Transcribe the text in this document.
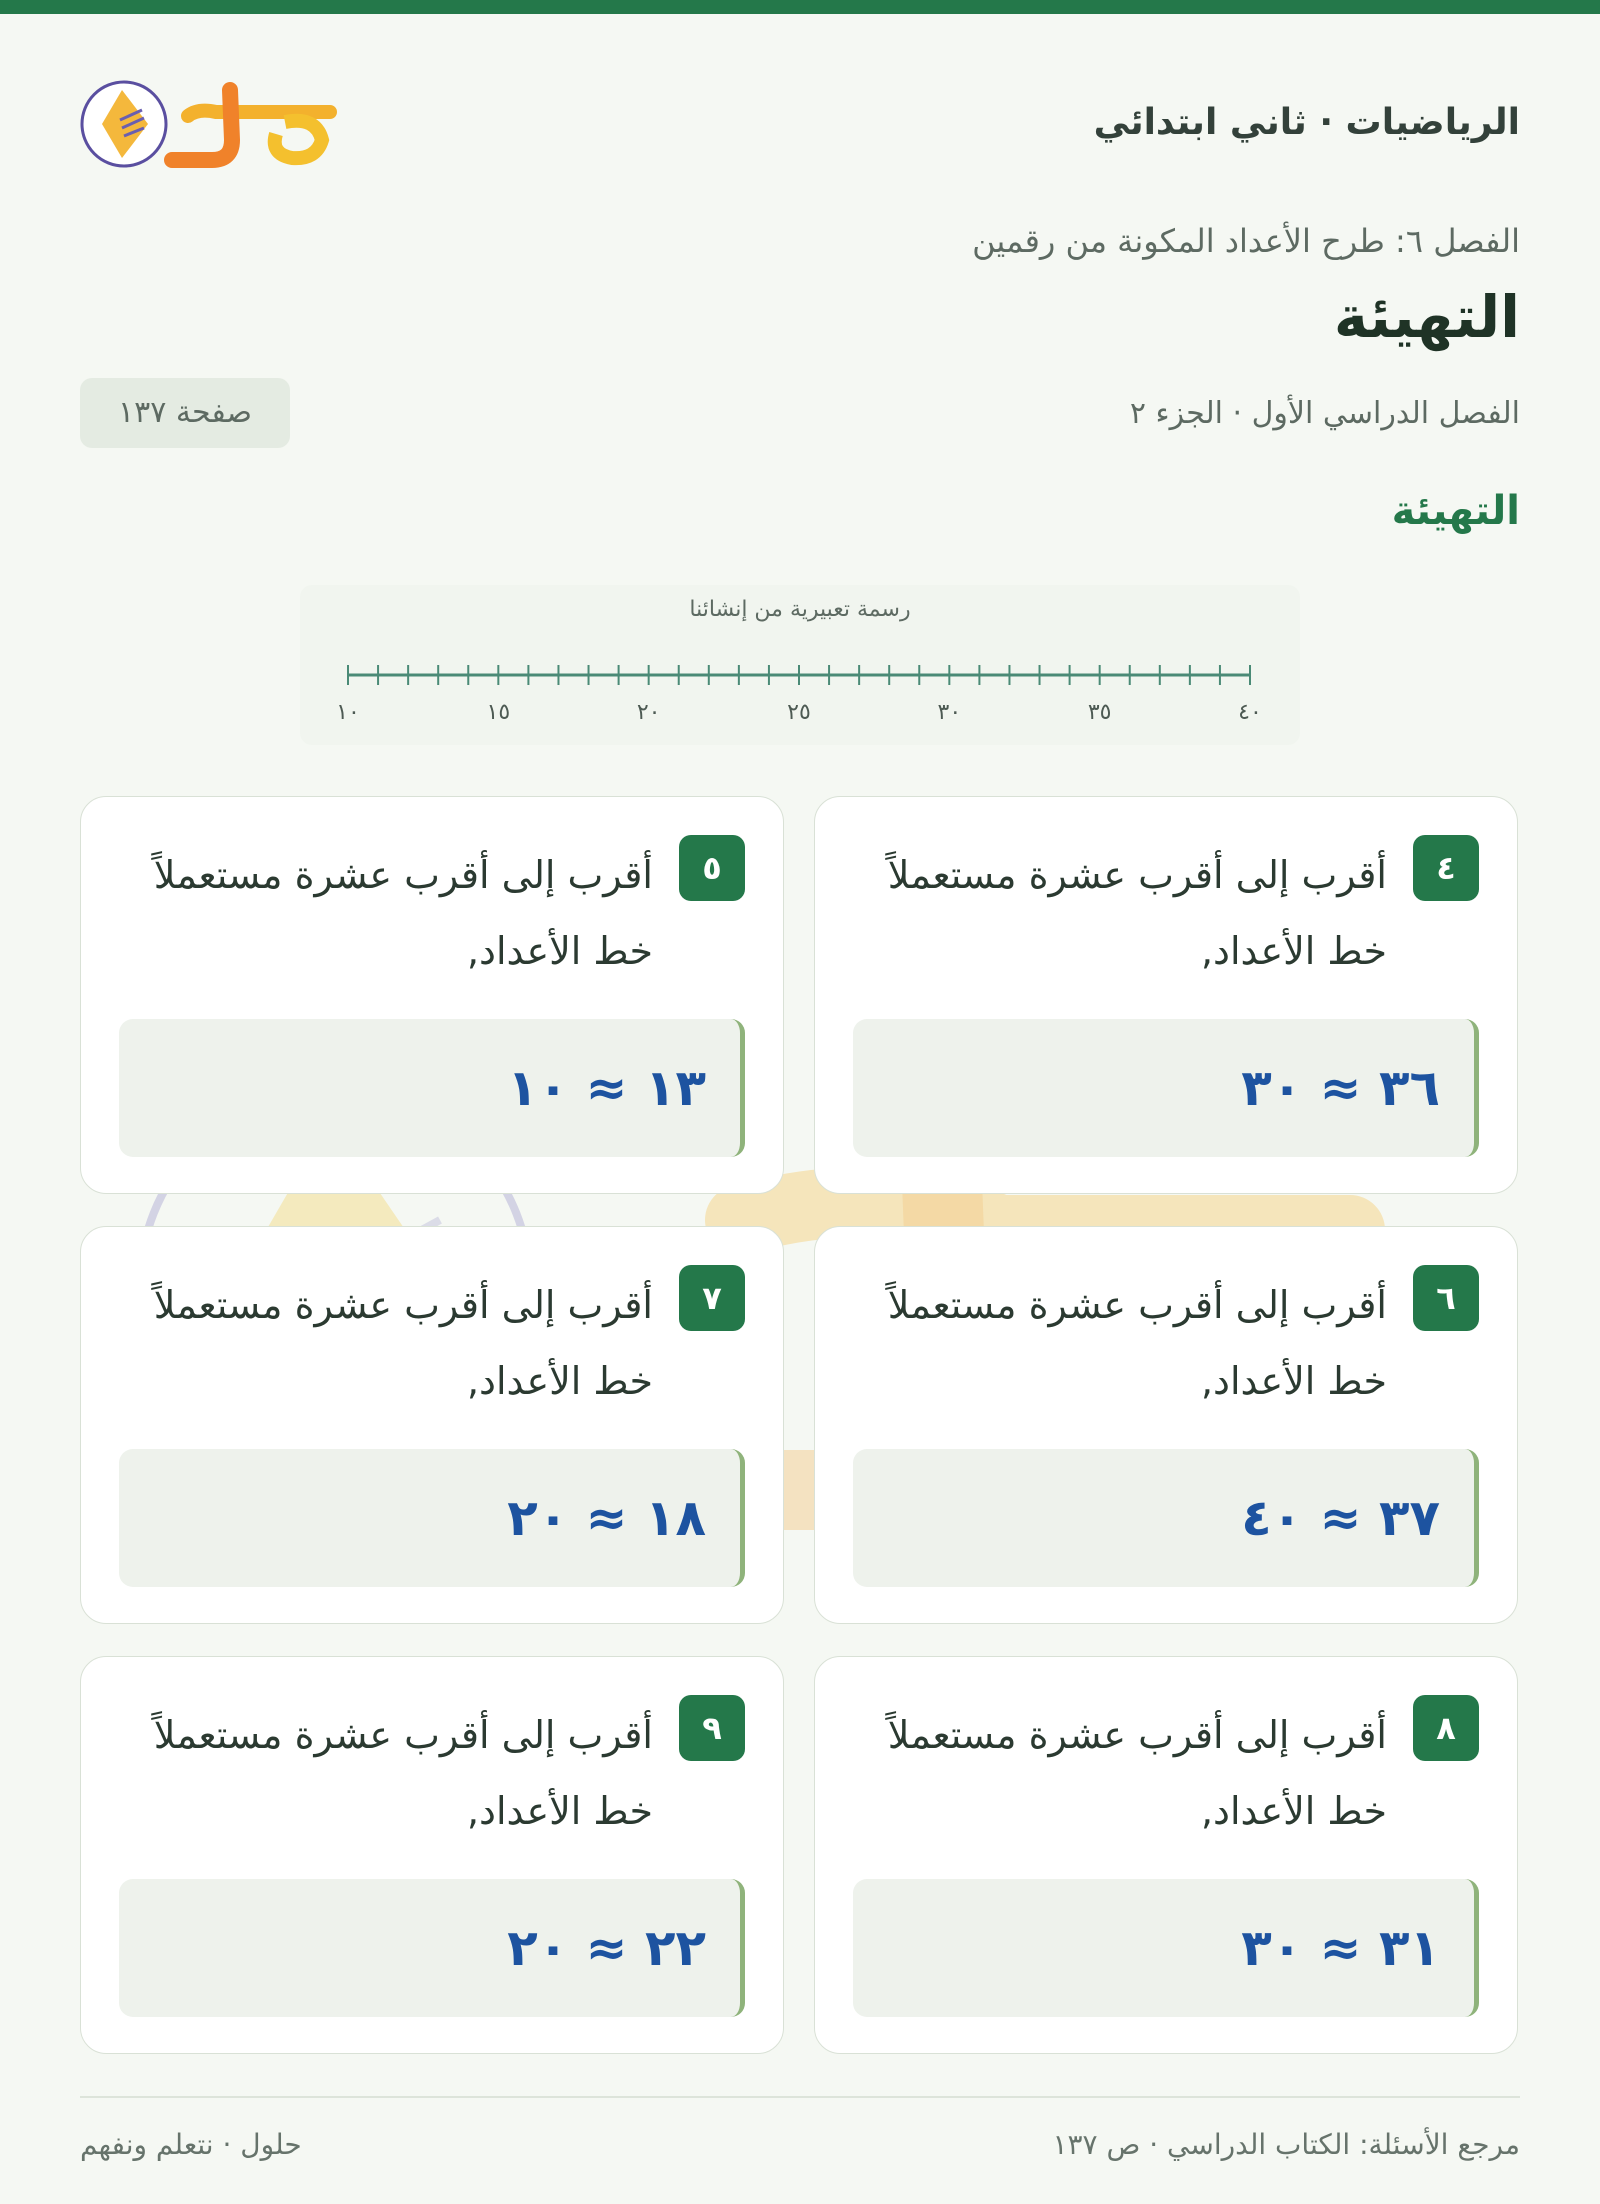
الرياضيات · ثاني ابتدائي
الفصل ٦: طرح الأعداد المكونة من رقمين
التهيئة
الفصل الدراسي الأول · الجزء ٢
صفحة ١٣٧
التهيئة
رسمة تعبيرية من إنشائنا
١٠	١٥	٢٠	٢٥	٣٠	٣٥	٤٠
٤
أقرب إلى أقرب عشرة مستعملاً خط الأعداد,
٣٦ ≈ ٣٠
٥
أقرب إلى أقرب عشرة مستعملاً خط الأعداد,
١٣ ≈ ١٠
٦
أقرب إلى أقرب عشرة مستعملاً خط الأعداد,
٣٧ ≈ ٤٠
٧
أقرب إلى أقرب عشرة مستعملاً خط الأعداد,
١٨ ≈ ٢٠
٨
أقرب إلى أقرب عشرة مستعملاً خط الأعداد,
٣١ ≈ ٣٠
٩
أقرب إلى أقرب عشرة مستعملاً خط الأعداد,
٢٢ ≈ ٢٠
مرجع الأسئلة: الكتاب الدراسي · ص ١٣٧
حلول · نتعلم ونفهم
